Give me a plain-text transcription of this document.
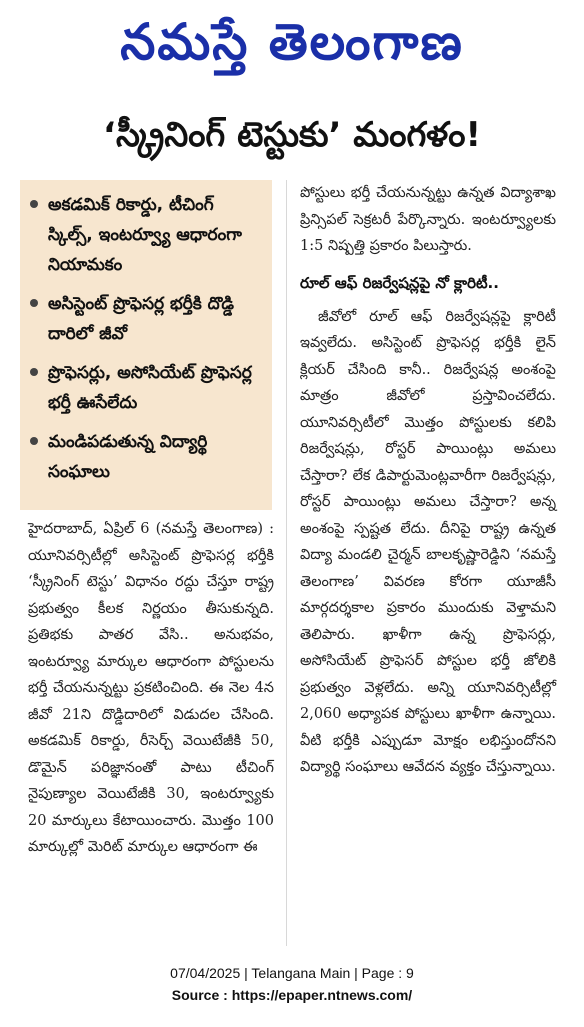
నమస్తే తెలంగాణ
‘స్క్రీనింగ్ టెస్టుకు’ మంగళం!
అకడమిక్ రికార్డు, టీచింగ్ స్కిల్స్, ఇంటర్వ్యూ ఆధారంగా నియామకం
అసిస్టెంట్ ప్రొఫెసర్ల భర్తీకి దొడ్డి దారిలో జీవో
ప్రొఫెసర్లు, అసోసియేట్ ప్రొఫెసర్ల భర్తీ ఊసేలేదు
మండిపడుతున్న విద్యార్థి సంఘాలు

హైదరాబాద్, ఏప్రిల్ 6 (నమస్తే తెలంగాణ) : యూనివర్సిటీల్లో అసిస్టెంట్ ప్రొఫెసర్ల భర్తీకి ‘స్క్రీనింగ్ టెస్టు’ విధానం రద్దు చేస్తూ రాష్ట్ర ప్రభుత్వం కీలక నిర్ణయం తీసుకున్నది. ప్రతిభకు పాతర వేసి.. అనుభవం, ఇంటర్వ్యూ మార్కుల ఆధారంగా పోస్టులను భర్తీ చేయనున్నట్టు ప్రకటించింది. ఈ నెల 4న జీవో 21ని దొడ్డిదారిలో విడుదల చేసింది. అకడమిక్ రికార్డు, రీసెర్చ్ వెయిటేజీకి 50, డొమైన్ పరిజ్ఞానంతో పాటు టీచింగ్ నైపుణ్యాల వెయిటేజీకి 30, ఇంటర్వ్యూకు 20 మార్కులు కేటాయించారు. మొత్తం 100 మార్కుల్లో మెరిట్ మార్కుల ఆధారంగా ఈ

పోస్టులు భర్తీ చేయనున్నట్టు ఉన్నత విద్యాశాఖ ప్రిన్సిపల్ సెక్రటరీ పేర్కొన్నారు. ఇంటర్వ్యూలకు 1:5 నిష్పత్తి ప్రకారం పిలుస్తారు.

రూల్ ఆఫ్ రిజర్వేషన్లపై నో క్లారిటీ..

జీవోలో రూల్ ఆఫ్ రిజర్వేషన్లపై క్లారిటీ ఇవ్వలేదు. అసిస్టెంట్ ప్రొఫెసర్ల భర్తీకి లైన్ క్లియర్ చేసింది కానీ.. రిజర్వేషన్ల అంశంపై మాత్రం జీవోలో ప్రస్తావించలేదు. యూనివర్సిటీలో మొత్తం పోస్టులకు కలిపి రిజర్వేషన్లు, రోస్టర్ పాయింట్లు అమలు చేస్తారా? లేక డిపార్టుమెంట్లవారీగా రిజర్వేషన్లు, రోస్టర్ పాయింట్లు అమలు చేస్తారా? అన్న అంశంపై స్పష్టత లేదు. దీనిపై రాష్ట్ర ఉన్నత విద్యా మండలి చైర్మన్ బాలకృష్ణారెడ్డిని ‘నమస్తే తెలంగాణ’ వివరణ కోరగా యూజీసీ మార్గదర్శకాల ప్రకారం ముందుకు వెళ్తామని తెలిపారు. ఖాళీగా ఉన్న ప్రొఫెసర్లు, అసోసియేట్ ప్రొఫెసర్ పోస్టుల భర్తీ జోలికి ప్రభుత్వం వెళ్లలేదు. అన్ని యూనివర్సిటీల్లో 2,060 అధ్యాపక పోస్టులు ఖాళీగా ఉన్నాయి. వీటి భర్తీకి ఎప్పుడూ మోక్షం లభిస్తుందోనని విద్యార్థి సంఘాలు ఆవేదన వ్యక్తం చేస్తున్నాయి.

07/04/2025 | Telangana Main | Page : 9
Source : https://epaper.ntnews.com/
